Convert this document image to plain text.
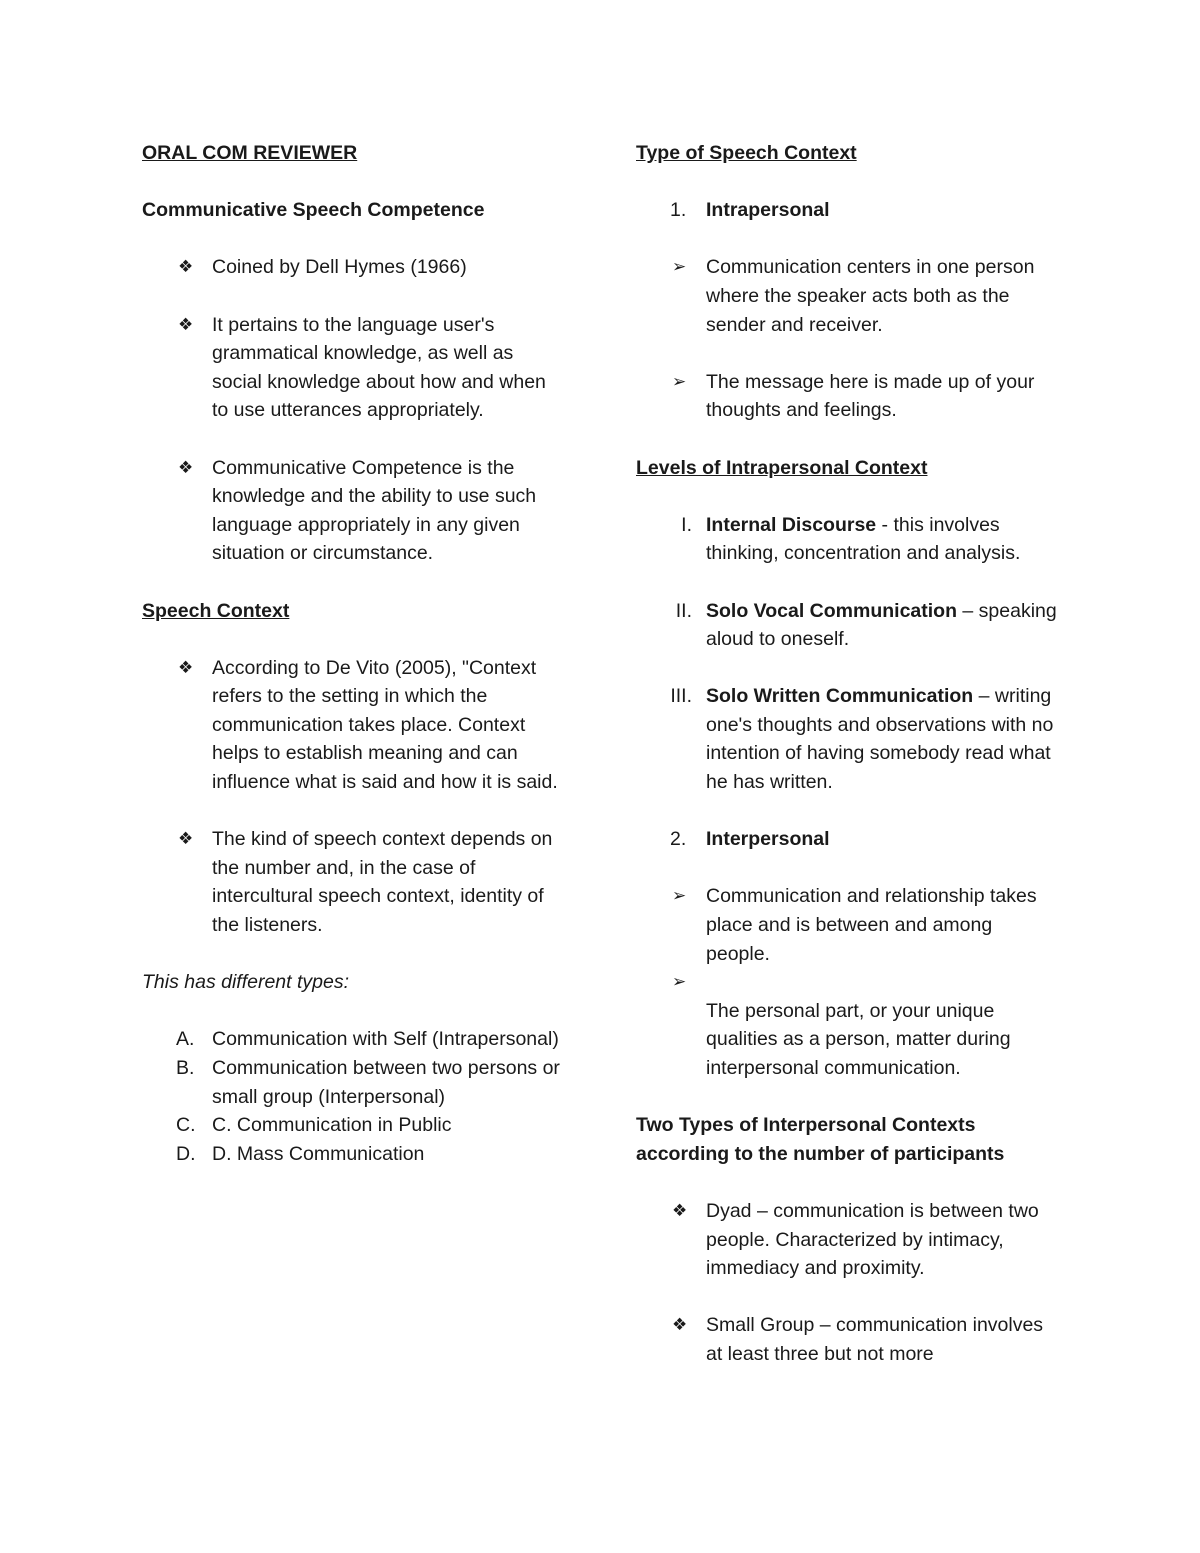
ORAL COM REVIEWER
Communicative Speech Competence
❖ Coined by Dell Hymes (1966)
❖ It pertains to the language user's grammatical knowledge, as well as social knowledge about how and when to use utterances appropriately.
❖ Communicative Competence is the knowledge and the ability to use such language appropriately in any given situation or circumstance.
Speech Context
❖ According to De Vito (2005), "Context refers to the setting in which the communication takes place. Context helps to establish meaning and can influence what is said and how it is said.
❖ The kind of speech context depends on the number and, in the case of intercultural speech context, identity of the listeners.
This has different types:
A. Communication with Self (Intrapersonal)
B. Communication between two persons or small group (Interpersonal)
C. C. Communication in Public
D. D. Mass Communication
Type of Speech Context
1. Intrapersonal
➢ Communication centers in one person where the speaker acts both as the sender and receiver.
➢ The message here is made up of your thoughts and feelings.
Levels of Intrapersonal Context
I. Internal Discourse - this involves thinking, concentration and analysis.
II. Solo Vocal Communication – speaking aloud to oneself.
III. Solo Written Communication – writing one's thoughts and observations with no intention of having somebody read what he has written.
2. Interpersonal
➢ Communication and relationship takes place and is between and among people.
➢

The personal part, or your unique qualities as a person, matter during interpersonal communication.
Two Types of Interpersonal Contexts according to the number of participants
❖ Dyad – communication is between two people. Characterized by intimacy, immediacy and proximity.
❖ Small Group – communication involves at least three but not more
